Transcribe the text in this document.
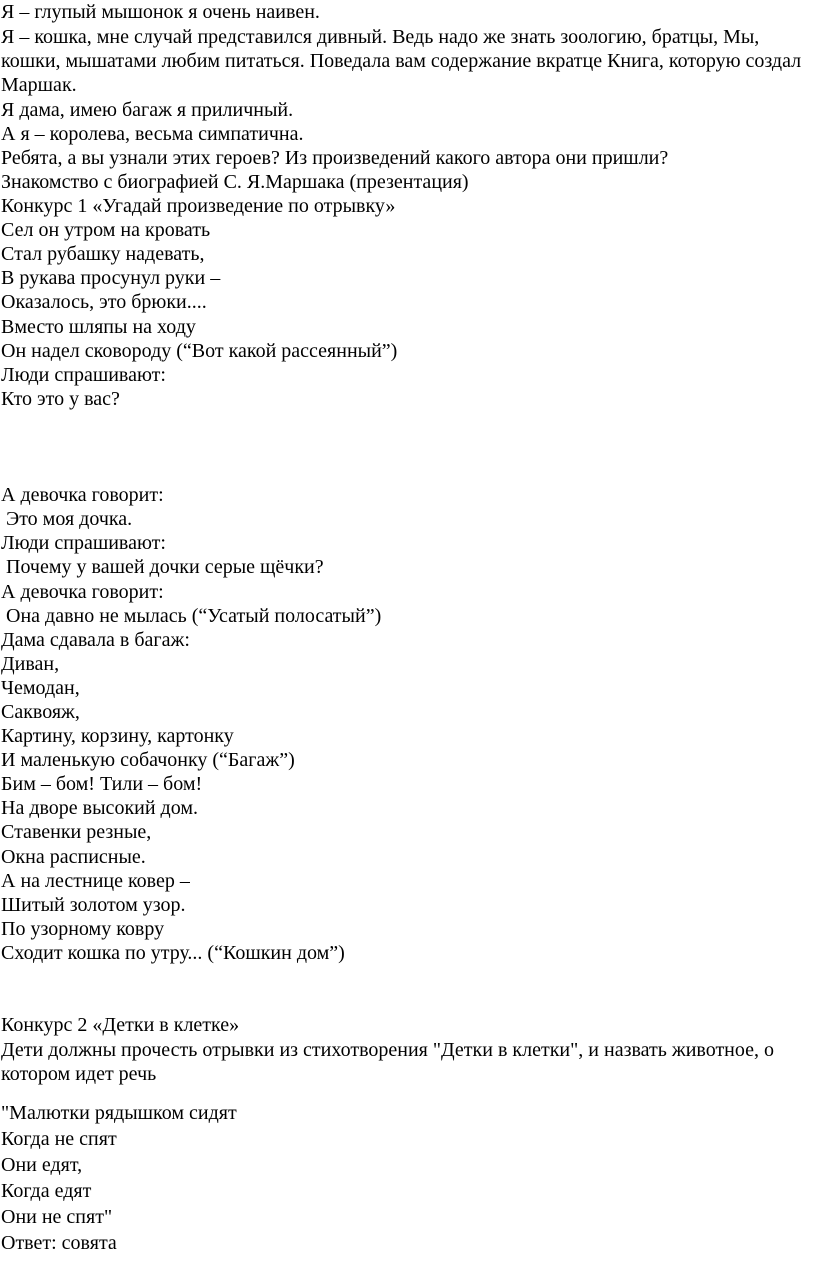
Я – глупый мышонок я очень наивен.
Я – кошка, мне случай представился дивный. Ведь надо же знать зоологию, братцы, Мы, кошки, мышатами любим питаться. Поведала вам содержание вкратце Книга, которую создал Маршак.
Я дама, имею багаж я приличный.
А я – королева, весьма симпатична.
Ребята, а вы узнали этих героев? Из произведений какого автора они пришли?
Знакомство с биографией С. Я.Маршака (презентация)
Конкурс 1 «Угадай произведение по отрывку»
Сел он утром на кровать
Стал рубашку надевать,
В рукава просунул руки –
Оказалось, это брюки....
Вместо шляпы на ходу
Он надел сковороду (“Вот какой рассеянный”)
Люди спрашивают:
Кто это у вас?
А девочка говорит:
Это моя дочка.
Люди спрашивают:
Почему у вашей дочки серые щёчки?
А девочка говорит:
Она давно не мылась (“Усатый полосатый”)
Дама сдавала в багаж:
Диван,
Чемодан,
Саквояж,
Картину, корзину, картонку
И маленькую собачонку (“Багаж”)
Бим – бом! Тили – бом!
На дворе высокий дом.
Ставенки резные,
Окна расписные.
А на лестнице ковер –
Шитый золотом узор.
По узорному ковру
Сходит кошка по утру... (“Кошкин дом”)
Конкурс 2 «Детки в клетке»
Дети должны прочесть отрывки из стихотворения "Детки в клетки", и назвать животное, о котором идет речь
"Малютки рядышком сидят
Когда не спят
Они едят,
Когда едят
Они не спят"
Ответ: совята
